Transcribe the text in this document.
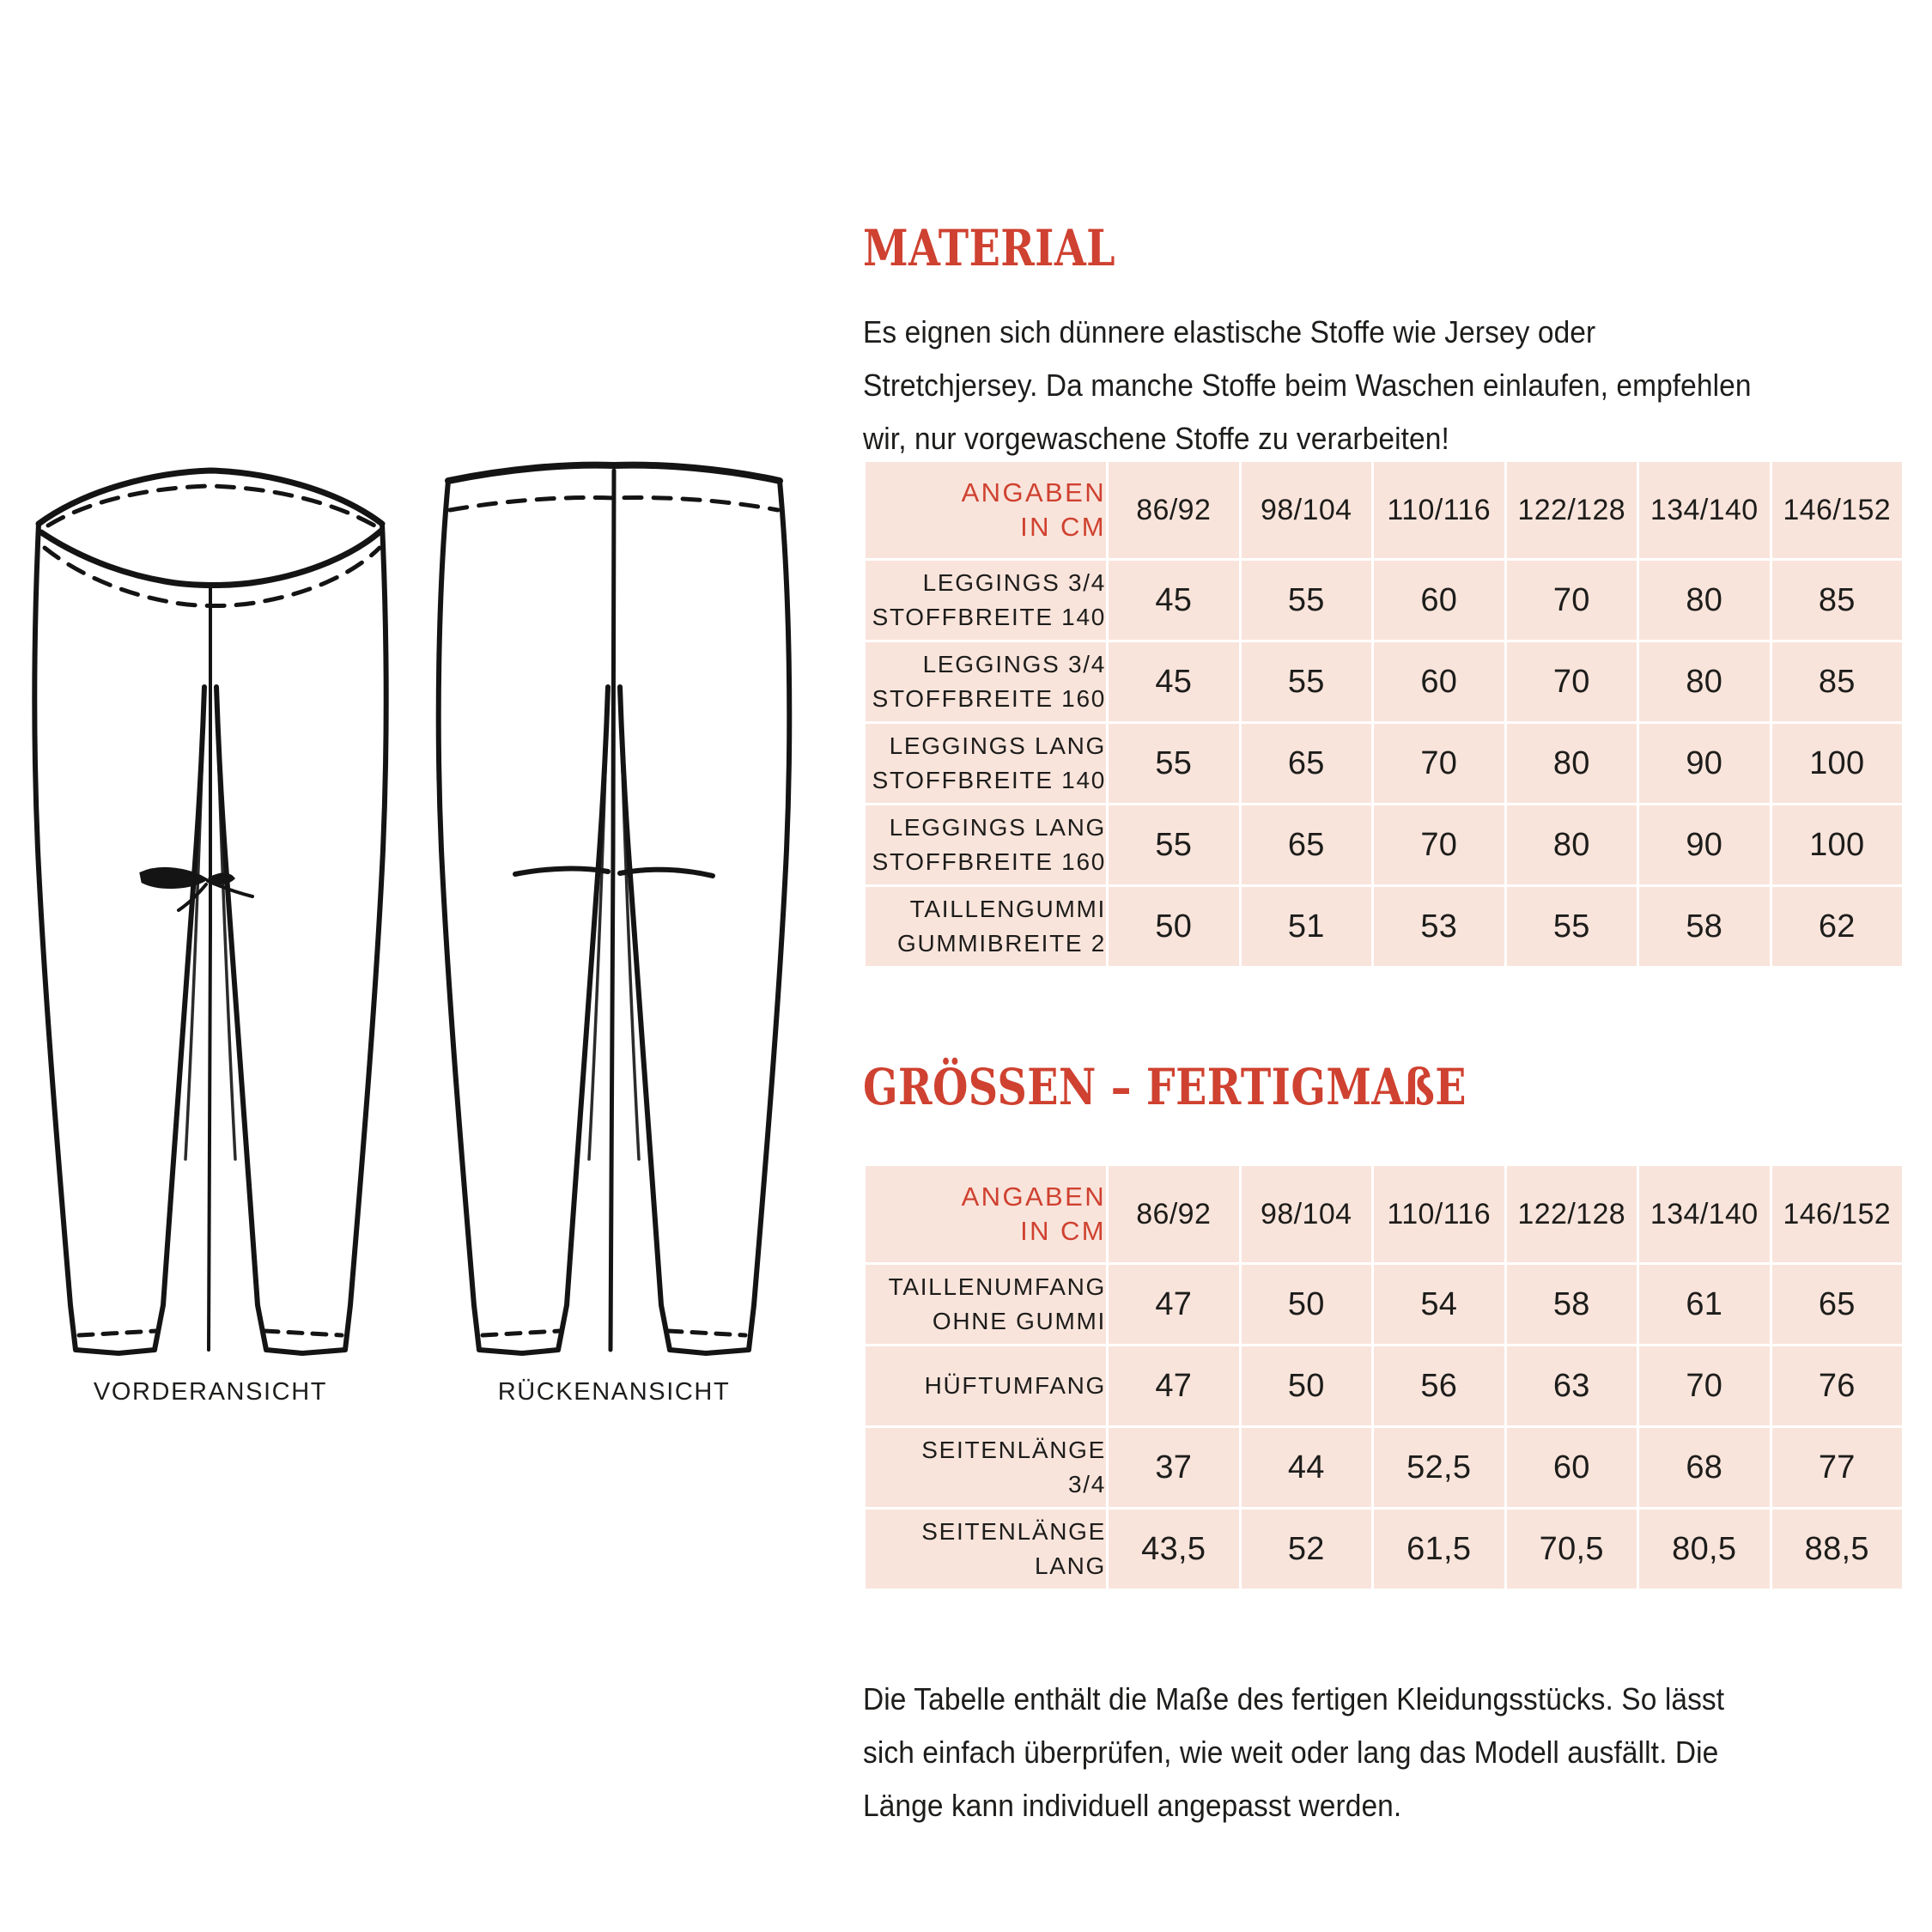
VORDERANSICHT	RÜCKENANSICHT
MATERIAL

Es eignen sich dünnere elastische Stoffe wie Jersey oder Stretchjersey. Da manche Stoffe beim Waschen einlaufen, empfehlen wir, nur vorgewaschene Stoffe zu verarbeiten!

ANGABEN
IN CM	86/92	98/104	110/116	122/128	134/140	146/152

LEGGINGS 3/4
STOFFBREITE 140	45	55	60	70	80	85

LEGGINGS 3/4
STOFFBREITE 160	45	55	60	70	80	85

LEGGINGS LANG
STOFFBREITE 140	55	65	70	80	90	100

LEGGINGS LANG
STOFFBREITE 160	55	65	70	80	90	100

TAILLENGUMMI
GUMMIBREITE 2	50	51	53	55	58	62
GRÖSSEN – FERTIGMAßE
ANGABEN
IN CM	86/92	98/104	110/116	122/128	134/140	146/152

TAILLENUMFANG
OHNE GUMMI	47	50	54	58	61	65

HÜFTUMFANG	47	50	56	63	70	76

SEITENLÄNGE
3/4	37	44	52,5	60	68	77

SEITENLÄNGE
LANG	43,5	52	61,5	70,5	80,5	88,5

Die Tabelle enthält die Maße des fertigen Kleidungsstücks. So lässt sich einfach überprüfen, wie weit oder lang das Modell ausfällt. Die Länge kann individuell angepasst werden.
